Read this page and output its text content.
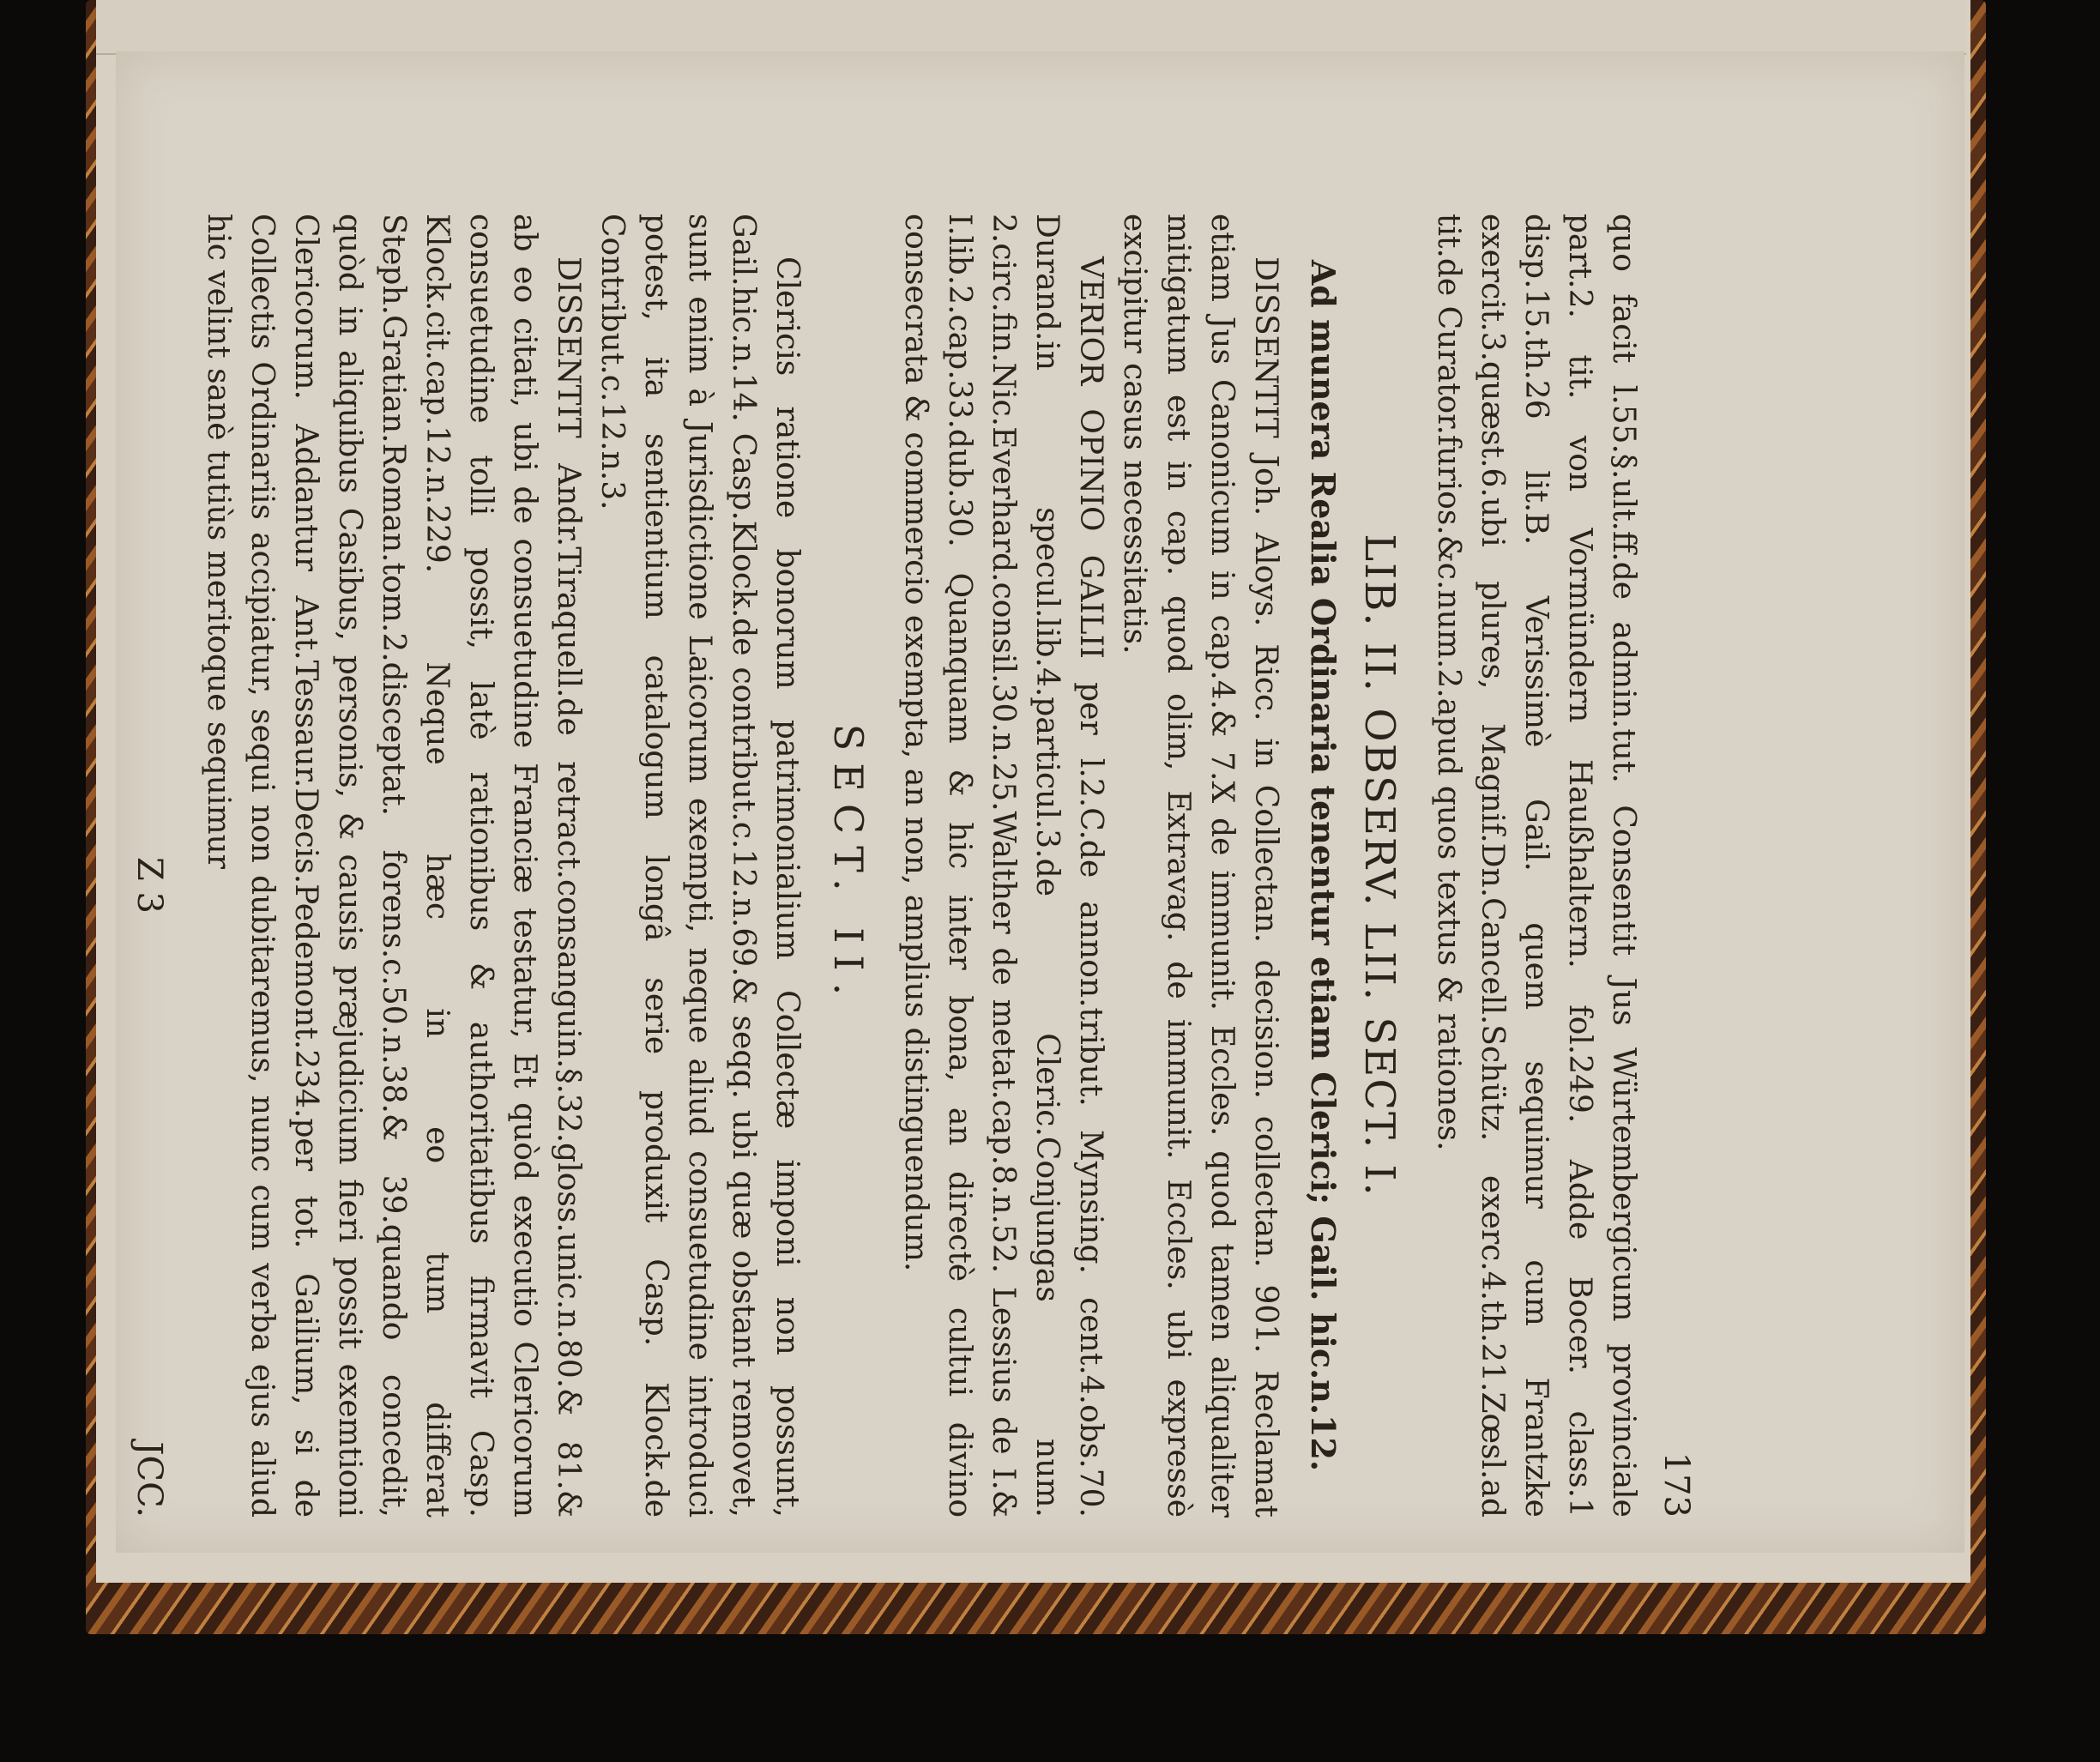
173

quo facit l.55.§.ult.ff.de admin.tut. Consentit Jus Würtembergicum provinciale part.2. tit. von Vormündern Haußhaltern. fol.249. Adde Bocer. class.1 disp.15.th.26 lit.B. Verissimè Gail. quem sequimur cum Frantzke exercit.3.quæst.6.ubi plures, Magnif.Dn.Cancell.Schütz. exerc.4.th.21.Zœsl.ad tit.de Curator.furios.&c.num.2.apud quos textus & rationes.

LIB. II. OBSERV. LII. SECT. I.
Ad munera Realia Ordinaria tenentur etiam Clerici; Gail. hic.n.12.

DISSENTIT Joh. Aloys. Ricc. in Collectan. decision. collectan. 901. Reclamat etiam Jus Canonicum in cap.4.& 7.X de immunit. Eccles. quod tamen aliqualiter mitigatum est in cap. quod olim, Extravag. de immunit. Eccles. ubi expressè excipitur casus necessitatis.

VERIOR OPINIO GAILII per l.2.C.de annon.tribut. Mynsing. cent.4.obs.70. Durand.in specul.lib.4.particul.3.de Cleric.Conjungas num. 2.circ.fin.Nic.Everhard.consil.30.n.25.Walther de metat.cap.8.n.52. Lessius de I.& I.lib.2.cap.33.dub.30. Quanquam & hic inter bona, an directè cultui divino consecrata & commercio exempta, an non, amplius distinguendum.

SECT. II.

Clericis ratione bonorum patrimonialium Collectæ imponi non possunt, Gail.hic.n.14. Casp.Klock.de contribut.c.12.n.69.& seqq. ubi quæ obstant removet, sunt enim à Jurisdictione Laicorum exempti, neque aliud consuetudine introduci potest, ita sentientium catalogum longâ serie produxit Casp. Klock.de Contribut.c.12.n.3.

DISSENTIT Andr.Tiraquell.de retract.consanguin.§.32.gloss.unic.n.80.& 81.& ab eo citati, ubi de consuetudine Franciæ testatur, Et quòd executio Clericorum consuetudine tolli possit, latè rationibus & authoritatibus firmavit Casp. Klock.cit.cap.12.n.229. Neque hæc in eo tum differat Steph.Gratian.Roman.tom.2.disceptat. forens.c.50.n.38.& 39.quando concedit, quòd in aliquibus Casibus, personis, & causis præjudicium fieri possit exemtioni Clericorum. Addantur Ant.Tessaur.Decis.Pedemont.234.per tot. Gailium, si de Collectis Ordinariis accipiatur, sequi non dubitaremus, nunc cum verba ejus aliud hic velint sanè tutiùs meritoque sequimur

Z 3
JCC.
